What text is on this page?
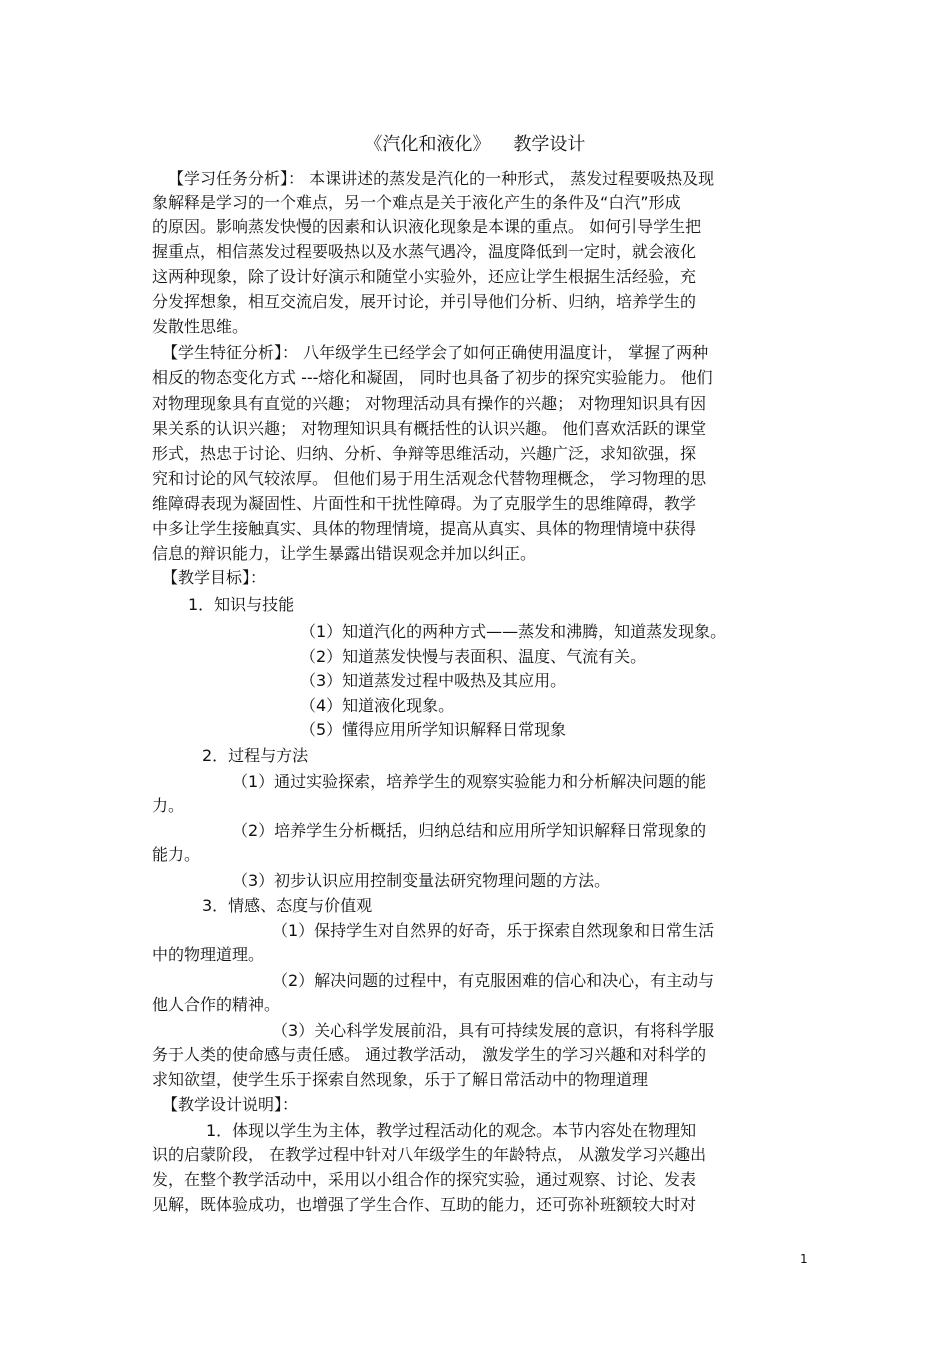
《汽化和液化》    教学设计
【学习任务分析】： 本课讲述的蒸发是汽化的一种形式， 蒸发过程要吸热及现
象解释是学习的一个难点，另一个难点是关于液化产生的条件及“白汽”形成
的原因。影响蒸发快慢的因素和认识液化现象是本课的重点。 如何引导学生把
握重点，相信蒸发过程要吸热以及水蒸气遇冷，温度降低到一定时，就会液化
这两种现象，除了设计好演示和随堂小实验外，还应让学生根据生活经验，充
分发挥想象，相互交流启发，展开讨论，并引导他们分析、归纳，培养学生的
发散性思维。
【学生特征分析】： 八年级学生已经学会了如何正确使用温度计， 掌握了两种
相反的物态变化方式 ---熔化和凝固， 同时也具备了初步的探究实验能力。 他们
对物理现象具有直觉的兴趣； 对物理活动具有操作的兴趣； 对物理知识具有因
果关系的认识兴趣； 对物理知识具有概括性的认识兴趣。 他们喜欢活跃的课堂
形式，热忠于讨论、归纳、分析、争辩等思维活动，兴趣广泛，求知欲强，探
究和讨论的风气较浓厚。 但他们易于用生活观念代替物理概念， 学习物理的思
维障碍表现为凝固性、片面性和干扰性障碍。为了克服学生的思维障碍，教学
中多让学生接触真实、具体的物理情境，提高从真实、具体的物理情境中获得
信息的辩识能力，让学生暴露出错误观念并加以纠正。
【教学目标】：
1．知识与技能
（1）知道汽化的两种方式——蒸发和沸腾，知道蒸发现象。
（2）知道蒸发快慢与表面积、温度、气流有关。
（3）知道蒸发过程中吸热及其应用。
（4）知道液化现象。
（5）懂得应用所学知识解释日常现象
2．过程与方法
（1）通过实验探索，培养学生的观察实验能力和分析解决问题的能
力。
（2）培养学生分析概括，归纳总结和应用所学知识解释日常现象的
能力。
（3）初步认识应用控制变量法研究物理问题的方法。
3．情感、态度与价值观
（1）保持学生对自然界的好奇，乐于探索自然现象和日常生活
中的物理道理。
（2）解决问题的过程中，有克服困难的信心和决心，有主动与
他人合作的精神。
（3）关心科学发展前沿，具有可持续发展的意识，有将科学服
务于人类的使命感与责任感。 通过教学活动， 激发学生的学习兴趣和对科学的
求知欲望，使学生乐于探索自然现象，乐于了解日常活动中的物理道理
【教学设计说明】：
1．体现以学生为主体，教学过程活动化的观念。本节内容处在物理知
识的启蒙阶段， 在教学过程中针对八年级学生的年龄特点， 从激发学习兴趣出
发，在整个教学活动中，采用以小组合作的探究实验，通过观察、讨论、发表
见解，既体验成功，也增强了学生合作、互助的能力，还可弥补班额较大时对
1
